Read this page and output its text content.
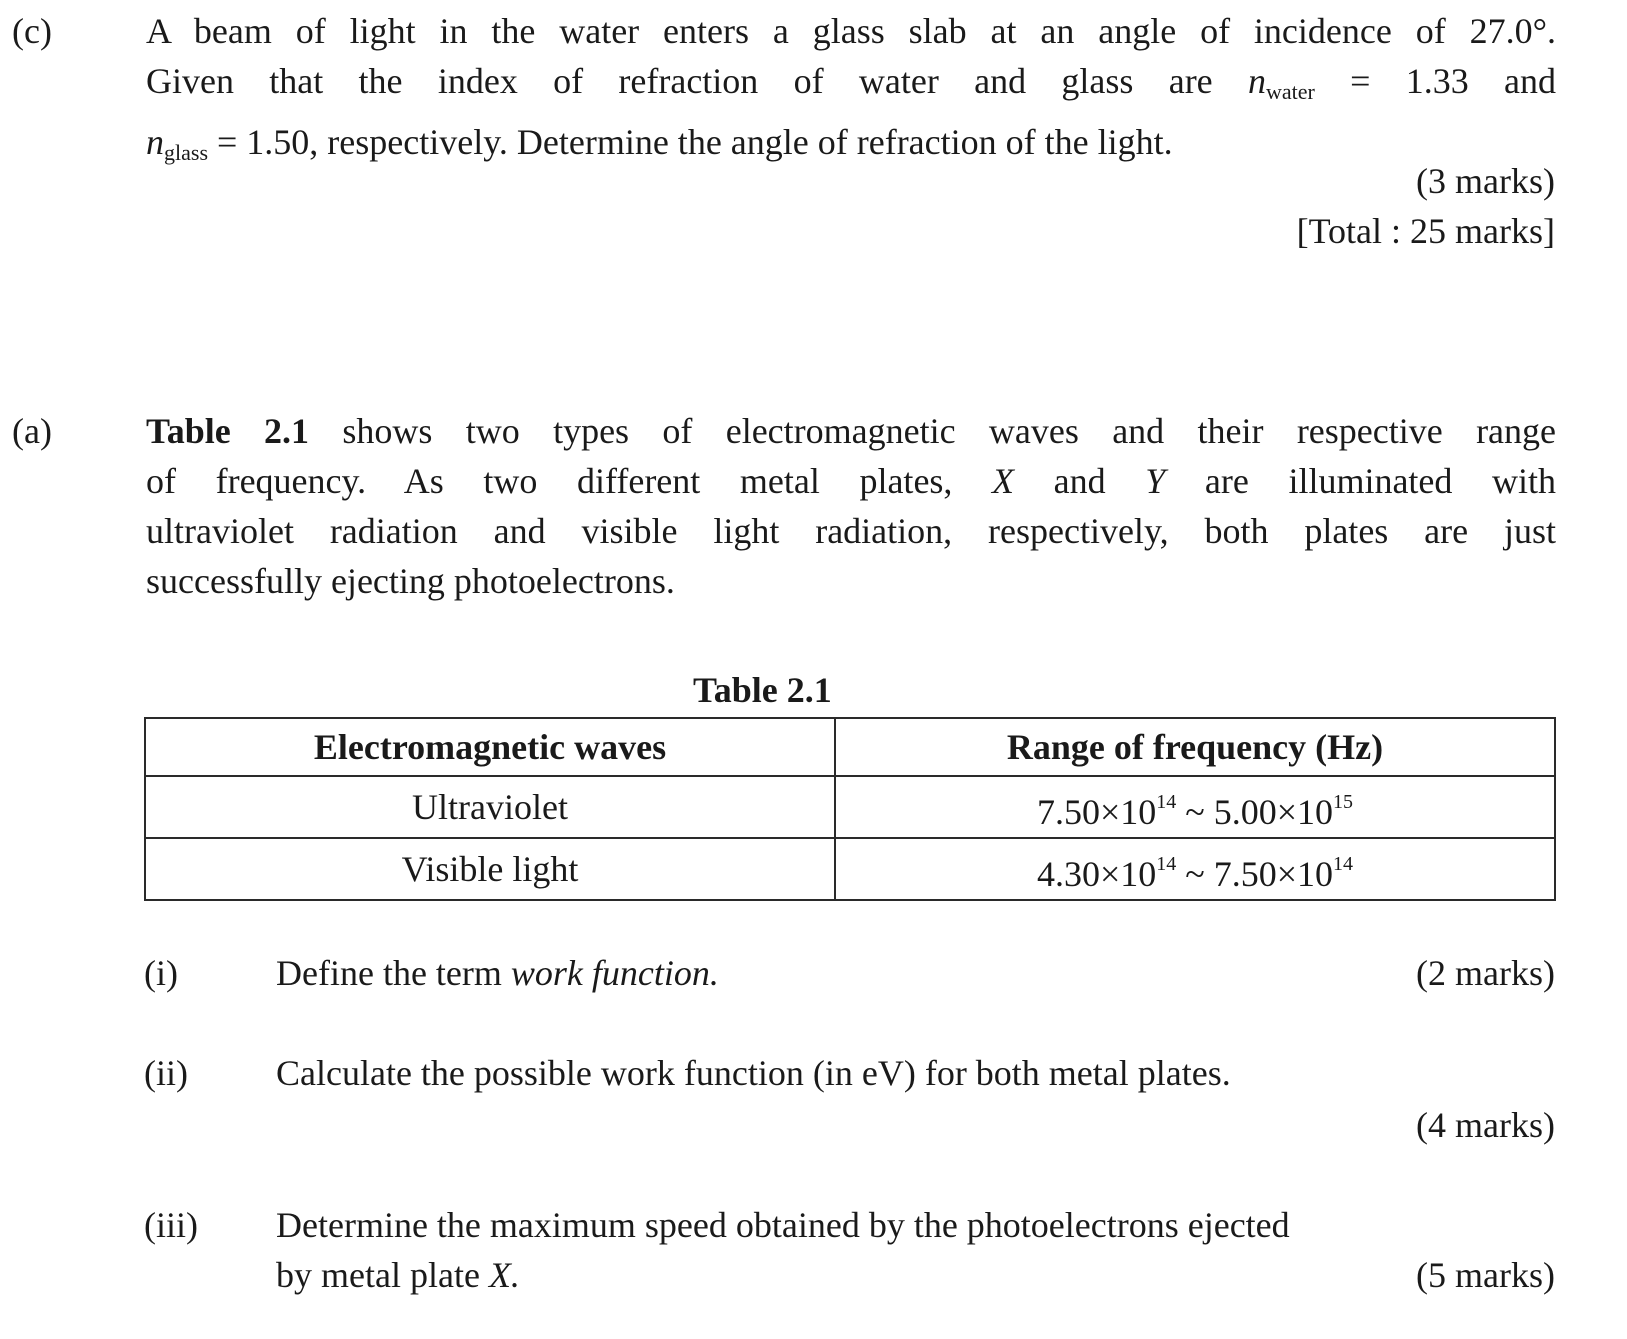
(c)	A beam of light in the water enters a glass slab at an angle of incidence of 27.0°.
Given that the index of refraction of water and glass are $n_{water} = 1.33$ and
$n_{glass} = 1.50$, respectively. Determine the angle of refraction of the light.
(3 marks)
[Total : 25 marks]
(a)	Table 2.1 shows two types of electromagnetic waves and their respective range
of frequency. As two different metal plates, X and Y are illuminated with
ultraviolet radiation and visible light radiation, respectively, both plates are just
successfully ejecting photoelectrons.
Table 2.1
Electromagnetic waves	Range of frequency (Hz)
Ultraviolet	$7.50\times 10^{14}$ ~ $5.00\times 10^{15}$
Visible light	$4.30\times 10^{14}$ ~ $7.50\times 10^{14}$
(i)	Define the term work function.	(2 marks)
(ii) Calculate the possible work function (in eV) for both metal plates.
(4 marks)
(iii) Determine the maximum speed obtained by the photoelectrons ejected
by metal plate X.	(5 marks)
